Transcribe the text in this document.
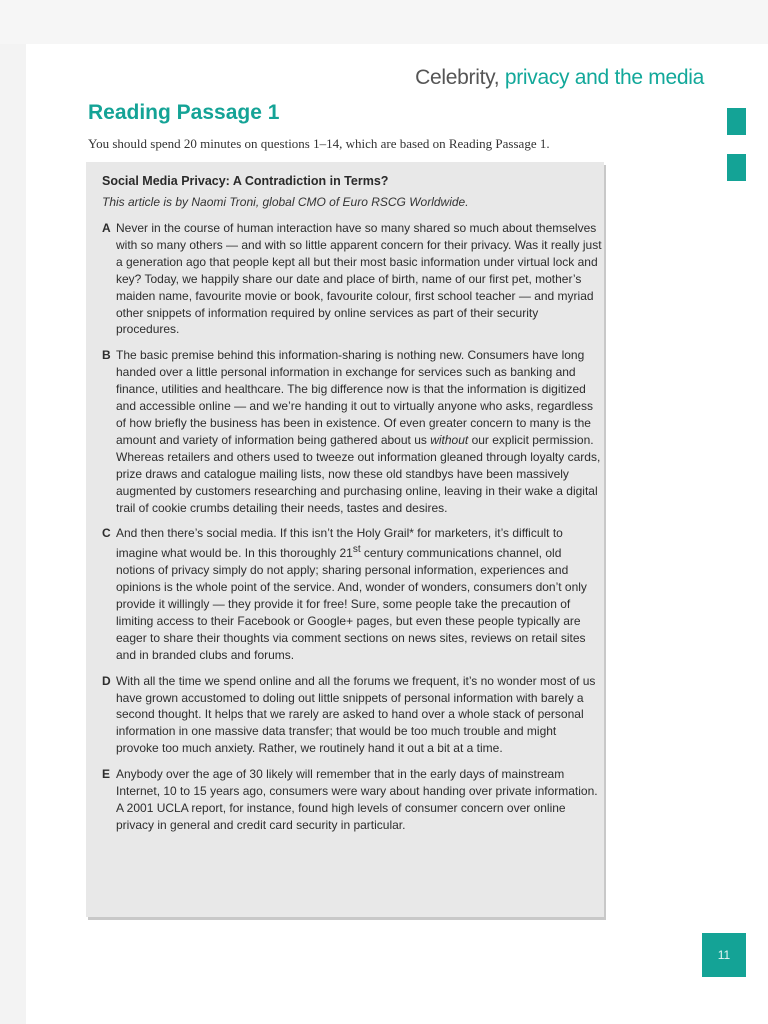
Celebrity, privacy and the media
Reading Passage 1
You should spend 20 minutes on questions 1–14, which are based on Reading Passage 1.
Social Media Privacy: A Contradiction in Terms?
This article is by Naomi Troni, global CMO of Euro RSCG Worldwide.
A Never in the course of human interaction have so many shared so much about themselves with so many others — and with so little apparent concern for their privacy. Was it really just a generation ago that people kept all but their most basic information under virtual lock and key? Today, we happily share our date and place of birth, name of our first pet, mother’s maiden name, favourite movie or book, favourite colour, first school teacher — and myriad other snippets of information required by online services as part of their security procedures.
B The basic premise behind this information-sharing is nothing new. Consumers have long handed over a little personal information in exchange for services such as banking and finance, utilities and healthcare. The big difference now is that the information is digitized and accessible online — and we’re handing it out to virtually anyone who asks, regardless of how briefly the business has been in existence. Of even greater concern to many is the amount and variety of information being gathered about us without our explicit permission. Whereas retailers and others used to tweeze out information gleaned through loyalty cards, prize draws and catalogue mailing lists, now these old standbys have been massively augmented by customers researching and purchasing online, leaving in their wake a digital trail of cookie crumbs detailing their needs, tastes and desires.
C And then there’s social media. If this isn’t the Holy Grail* for marketers, it’s difficult to imagine what would be. In this thoroughly 21st century communications channel, old notions of privacy simply do not apply; sharing personal information, experiences and opinions is the whole point of the service. And, wonder of wonders, consumers don’t only provide it willingly — they provide it for free! Sure, some people take the precaution of limiting access to their Facebook or Google+ pages, but even these people typically are eager to share their thoughts via comment sections on news sites, reviews on retail sites and in branded clubs and forums.
D With all the time we spend online and all the forums we frequent, it’s no wonder most of us have grown accustomed to doling out little snippets of personal information with barely a second thought. It helps that we rarely are asked to hand over a whole stack of personal information in one massive data transfer; that would be too much trouble and might provoke too much anxiety. Rather, we routinely hand it out a bit at a time.
E Anybody over the age of 30 likely will remember that in the early days of mainstream Internet, 10 to 15 years ago, consumers were wary about handing over private information. A 2001 UCLA report, for instance, found high levels of consumer concern over online privacy in general and credit card security in particular.
11
